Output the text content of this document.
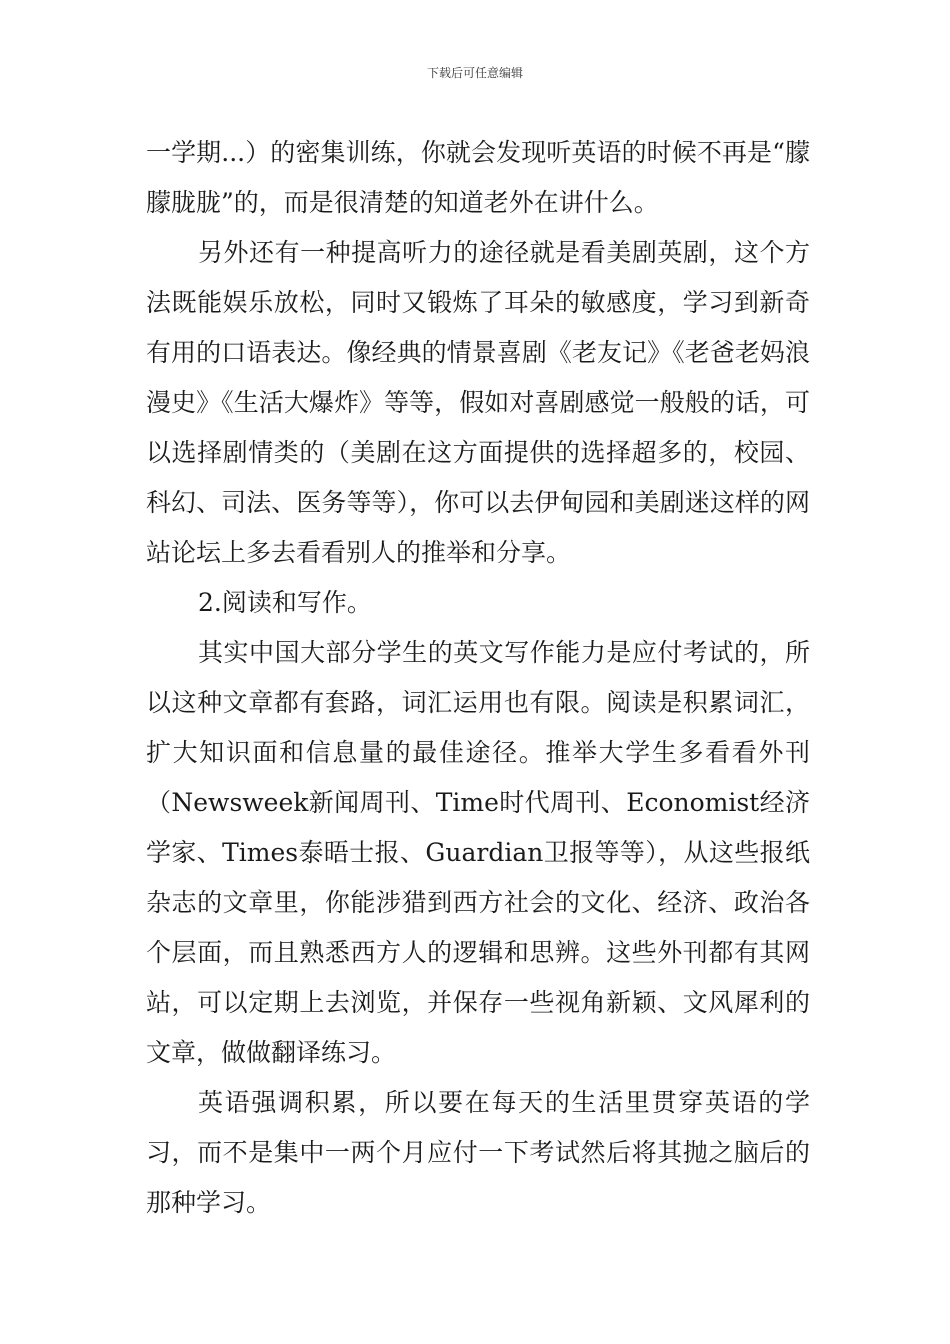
下载后可任意编辑

一学期...）的密集训练，你就会发现听英语的时候不再是“朦朦胧胧”的，而是很清楚的知道老外在讲什么。

另外还有一种提高听力的途径就是看美剧英剧，这个方法既能娱乐放松，同时又锻炼了耳朵的敏感度，学习到新奇有用的口语表达。像经典的情景喜剧《老友记》《老爸老妈浪漫史》《生活大爆炸》等等，假如对喜剧感觉一般般的话，可以选择剧情类的（美剧在这方面提供的选择超多的，校园、科幻、司法、医务等等），你可以去伊甸园和美剧迷这样的网站论坛上多去看看别人的推举和分享。

2.阅读和写作。

其实中国大部分学生的英文写作能力是应付考试的，所以这种文章都有套路，词汇运用也有限。阅读是积累词汇，扩大知识面和信息量的最佳途径。推举大学生多看看外刊（Newsweek新闻周刊、Time时代周刊、Economist经济学家、Times泰晤士报、Guardian卫报等等），从这些报纸杂志的文章里，你能涉猎到西方社会的文化、经济、政治各个层面，而且熟悉西方人的逻辑和思辨。这些外刊都有其网站，可以定期上去浏览，并保存一些视角新颖、文风犀利的文章，做做翻译练习。

英语强调积累，所以要在每天的生活里贯穿英语的学习，而不是集中一两个月应付一下考试然后将其抛之脑后的那种学习。
